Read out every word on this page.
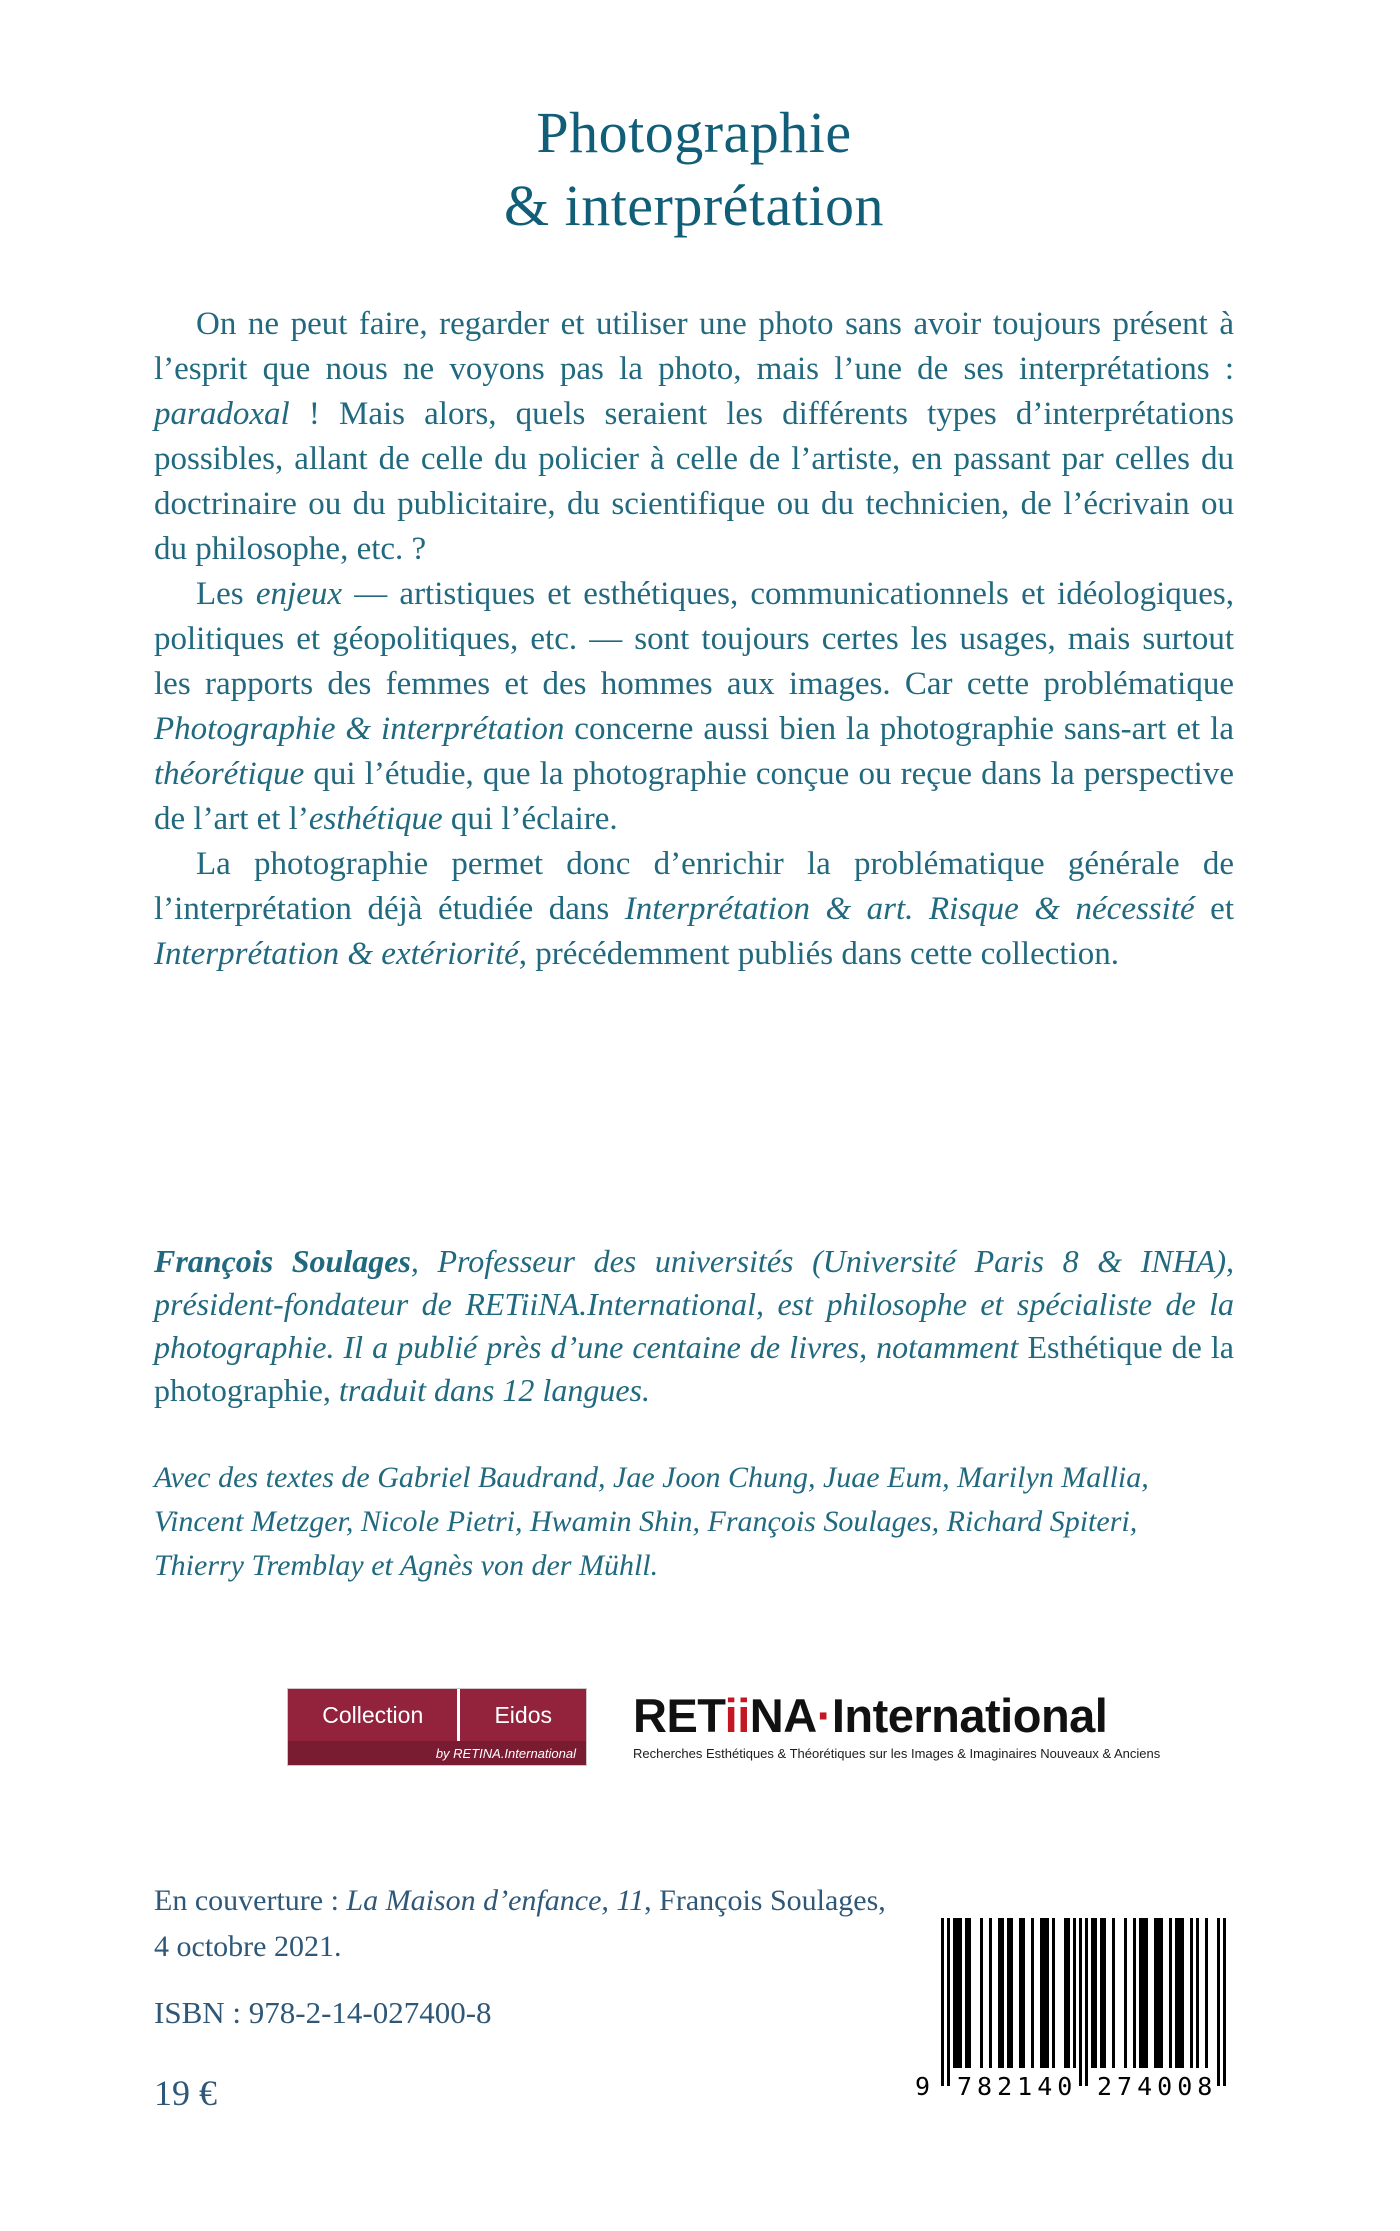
Photographie
& interprétation

On ne peut faire, regarder et utiliser une photo sans avoir toujours présent à l’esprit que nous ne voyons pas la photo, mais l’une de ses interprétations : paradoxal ! Mais alors, quels seraient les différents types d’interprétations possibles, allant de celle du policier à celle de l’artiste, en passant par celles du doctrinaire ou du publicitaire, du scientifique ou du technicien, de l’écrivain ou du philosophe, etc. ?

Les enjeux — artistiques et esthétiques, communicationnels et idéologiques, politiques et géopolitiques, etc. — sont toujours certes les usages, mais surtout les rapports des femmes et des hommes aux images. Car cette problématique Photographie & interprétation concerne aussi bien la photographie sans-art et la théorétique qui l’étudie, que la photographie conçue ou reçue dans la perspective de l’art et l’esthétique qui l’éclaire.

La photographie permet donc d’enrichir la problématique générale de l’interprétation déjà étudiée dans Interprétation & art. Risque & nécessité et Interprétation & extériorité, précédemment publiés dans cette collection.

François Soulages, Professeur des universités (Université Paris 8 & INHA), président-fondateur de RETiiNA.International, est philosophe et spécialiste de la photographie. Il a publié près d’une centaine de livres, notamment Esthétique de la photographie, traduit dans 12 langues.
Avec des textes de Gabriel Baudrand, Jae Joon Chung, Juae Eum, Marilyn Mallia, Vincent Metzger, Nicole Pietri, Hwamin Shin, François Soulages, Richard Spiteri, Thierry Tremblay et Agnès von der Mühll.
Collection	Eidos
by RETINA.International
RETiiNA·International
Recherches Esthétiques & Théorétiques sur les Images & Imaginaires Nouveaux & Anciens
En couverture : La Maison d’enfance, 11, François Soulages,
4 octobre 2021.
ISBN : 978-2-14-027400-8
19 €	9 782140 274008
